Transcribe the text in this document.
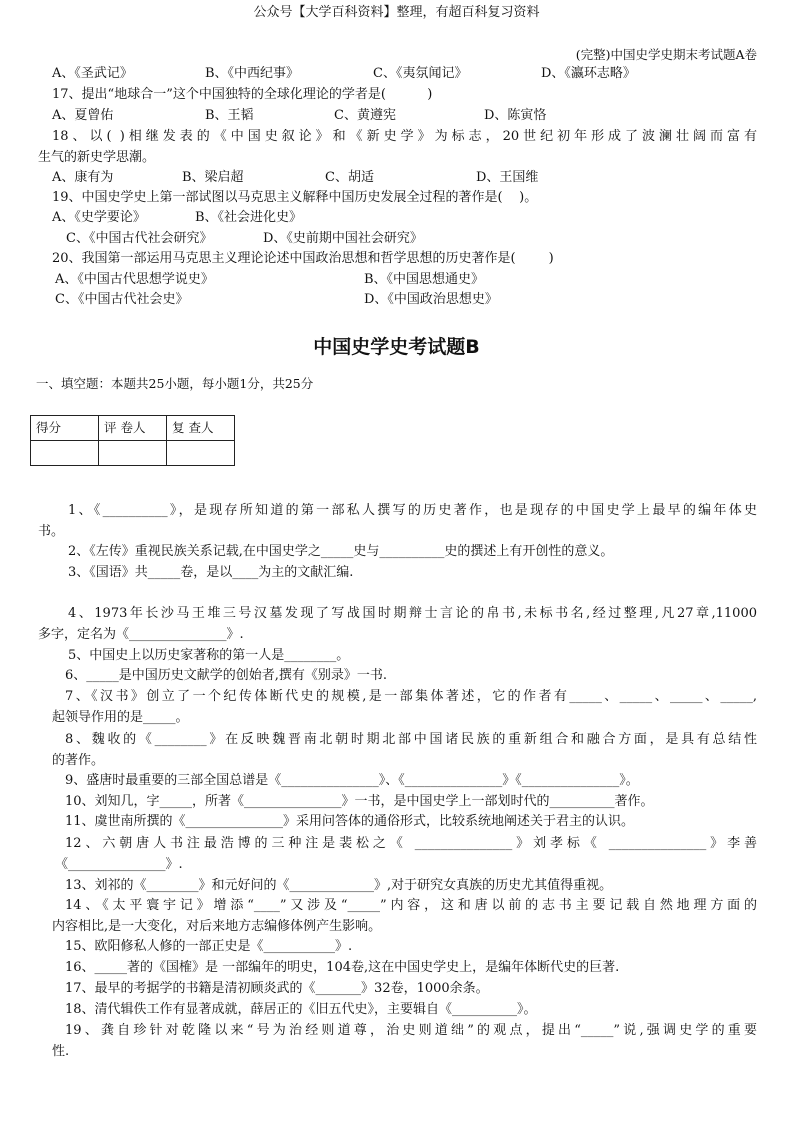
公众号【大学百科资料】整理，有超百科复习资料
(完整)中国史学史期末考试题A卷
A、《圣武记》	B、《中西纪事》	C、《夷氛闻记》	D、《瀛环志略》
17、提出“地球合一”这个中国独特的全球化理论的学者是(          )
A、夏曾佑	B、王韬	C、黄遵宪	D、陈寅恪
18、以( )相继发表的《中国史叙论》和《新史学》为标志，20世纪初年形成了波澜壮阔而富有
生气的新史学思潮。
A、康有为	B、梁启超	C、胡适	D、王国维
19、中国史学史上第一部试图以马克思主义解释中国历史发展全过程的著作是(    )。
A、《史学要论》	B、《社会进化史》
C、《中国古代社会研究》	D、《史前期中国社会研究》
20、我国第一部运用马克思主义理论论述中国政治思想和哲学思想的历史著作是(        )
A、《中国古代思想学说史》	B、《中国思想通史》
C、《中国古代社会史》	D、《中国政治思想史》
中国史学史考试题B
一、填空题：本题共25小题，每小题1分，共25分
得分	评 卷人	复 查人

1、《__________》，是现存所知道的第一部私人撰写的历史著作，也是现存的中国史学上最早的编年体史
书。
2、《左传》重视民族关系记载,在中国史学之_____史与__________史的撰述上有开创性的意义。
3、《国语》共_____卷，是以____为主的文献汇编.
4、1973年长沙马王堆三号汉墓发现了写战国时期辩士言论的帛书,未标书名,经过整理,凡27章,11000
多字，定名为《_______________》.
5、中国史上以历史家著称的第一人是________。
6、_____是中国历史文献学的创始者,撰有《别录》一书.
7、《汉书》创立了一个纪传体断代史的规模,是一部集体著述，它的作者有_____、_____、_____、_____,
起领导作用的是_____。
8、魏收的《________》在反映魏晋南北朝时期北部中国诸民族的重新组合和融合方面，是具有总结性
的著作。
9、盛唐时最重要的三部全国总谱是《_______________》、《_______________》《_______________》。
10、刘知几，字_____，所著《_______________》一书，是中国史学上一部划时代的__________著作。
11、虞世南所撰的《_______________》采用问答体的通俗形式，比较系统地阐述关于君主的认识。
12、六朝唐人书注最浩博的三种注是裴松之《 _______________》刘孝标《 _______________》李善
《_______________》.
13、刘祁的《________》和元好问的《_____________》,对于研究女真族的历史尤其值得重视。
14、《太平寰宇记》增添“____”又涉及“_____”内容，这和唐以前的志书主要记载自然地理方面的
内容相比,是一大变化，对后来地方志编修体例产生影响。
15、欧阳修私人修的一部正史是《___________》.
16、_____著的《国榷》是 一部编年的明史，104卷,这在中国史学史上，是编年体断代史的巨著.
17、最早的考据学的书籍是清初顾炎武的《_______》32卷，1000余条。
18、清代辑佚工作有显著成就，薛居正的《旧五代史》，主要辑自《__________》。
19、龚自珍针对乾隆以来“号为治经则道尊，治史则道绌”的观点，提出“_____”说,强调史学的重要
性.
